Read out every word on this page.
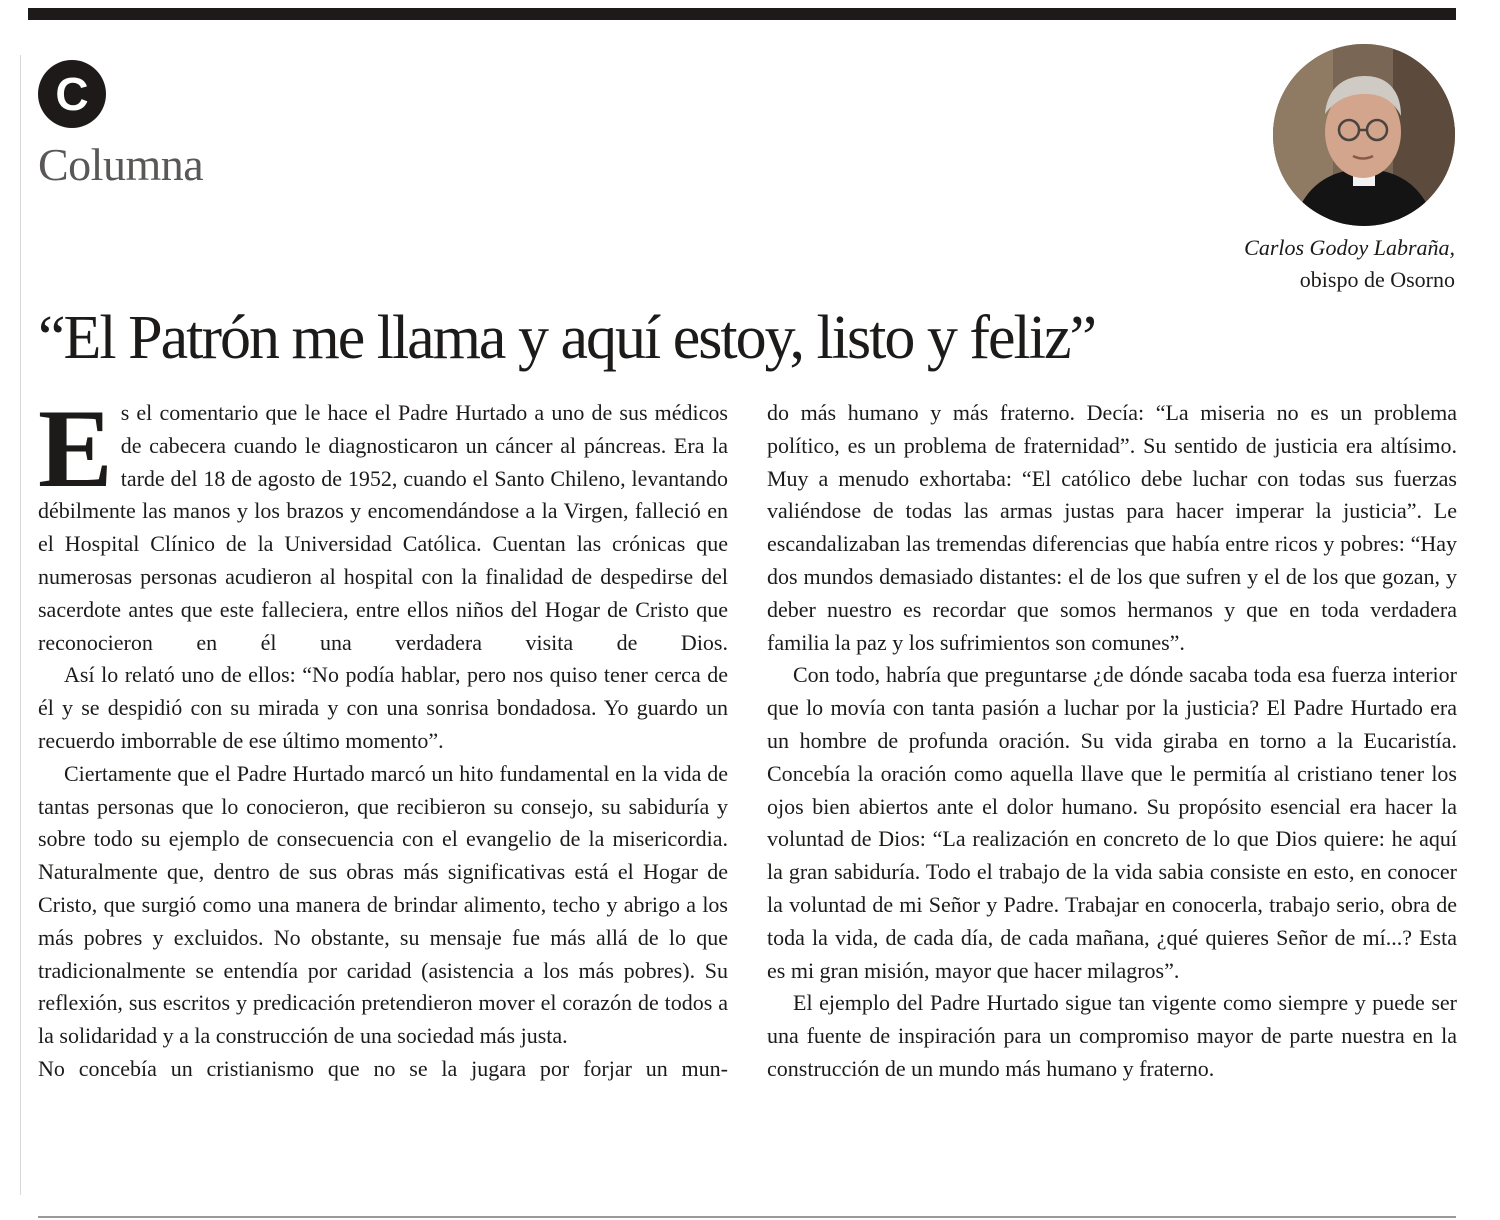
C
Columna
Carlos Godoy Labraña,
obispo de Osorno
“El Patrón me llama y aquí estoy, listo y feliz”

E s el comentario que le hace el Padre Hurtado a uno de sus médicos de cabecera cuando le diagnosticaron un cáncer al páncreas. Era la tarde del 18 de agosto de 1952, cuando el Santo Chileno, levantando débilmente las manos y los brazos y encomendándose a la Virgen, falleció en el Hospital Clínico de la Universidad Católica. Cuentan las crónicas que numerosas personas acudieron al hospital con la finalidad de despedirse del sacerdote antes que este falleciera, entre ellos niños del Hogar de Cristo que reconocieron en él una verdadera visita de Dios.

Así lo relató uno de ellos: “No podía hablar, pero nos quiso tener cerca de él y se despidió con su mirada y con una sonrisa bondadosa. Yo guardo un recuerdo imborrable de ese último momento”.

Ciertamente que el Padre Hurtado marcó un hito fundamental en la vida de tantas personas que lo conocieron, que recibieron su consejo, su sabiduría y sobre todo su ejemplo de consecuencia con el evangelio de la misericordia. Naturalmente que, dentro de sus obras más significativas está el Hogar de Cristo, que surgió como una manera de brindar alimento, techo y abrigo a los más pobres y excluidos. No obstante, su mensaje fue más allá de lo que tradicionalmente se entendía por caridad (asistencia a los más pobres). Su reflexión, sus escritos y predicación pretendieron mover el corazón de todos a la solidaridad y a la construcción de una sociedad más justa.

No concebía un cristianismo que no se la jugara por forjar un mun-

do más humano y más fraterno. Decía: “La miseria no es un problema político, es un problema de fraternidad”. Su sentido de justicia era altísimo. Muy a menudo exhortaba: “El católico debe luchar con todas sus fuerzas valiéndose de todas las armas justas para hacer imperar la justicia”. Le escandalizaban las tremendas diferencias que había entre ricos y pobres: “Hay dos mundos demasiado distantes: el de los que sufren y el de los que gozan, y deber nuestro es recordar que somos hermanos y que en toda verdadera familia la paz y los sufrimientos son comunes”.

Con todo, habría que preguntarse ¿de dónde sacaba toda esa fuerza interior que lo movía con tanta pasión a luchar por la justicia? El Padre Hurtado era un hombre de profunda oración. Su vida giraba en torno a la Eucaristía. Concebía la oración como aquella llave que le permitía al cristiano tener los ojos bien abiertos ante el dolor humano. Su propósito esencial era hacer la voluntad de Dios: “La realización en concreto de lo que Dios quiere: he aquí la gran sabiduría. Todo el trabajo de la vida sabia consiste en esto, en conocer la voluntad de mi Señor y Padre. Trabajar en conocerla, trabajo serio, obra de toda la vida, de cada día, de cada mañana, ¿qué quieres Señor de mí...? Esta es mi gran misión, mayor que hacer milagros”.

El ejemplo del Padre Hurtado sigue tan vigente como siempre y puede ser una fuente de inspiración para un compromiso mayor de parte nuestra en la construcción de un mundo más humano y fraterno.
